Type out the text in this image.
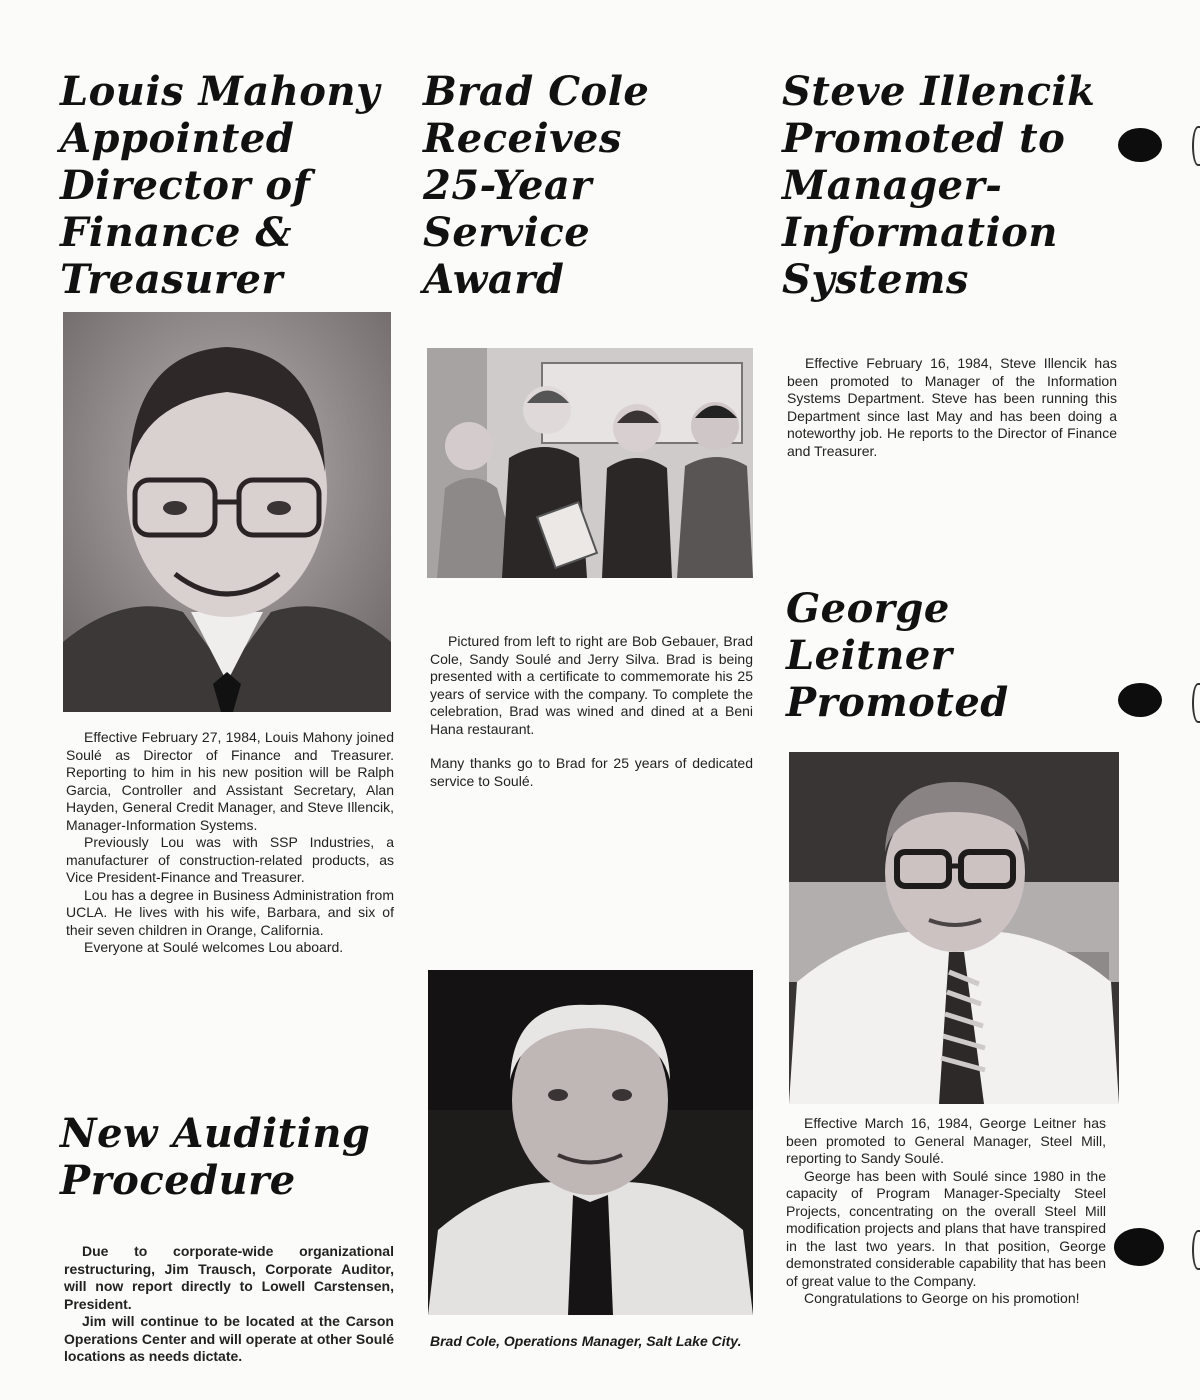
Louis Mahony
Appointed
Director of
Finance &
Treasurer

Effective February 27, 1984, Louis Mahony joined Soulé as Director of Finance and Treasurer. Reporting to him in his new position will be Ralph Garcia, Controller and Assistant Secretary, Alan Hayden, General Credit Manager, and Steve Illencik, Manager-Information Systems.

Previously Lou was with SSP Industries, a manufacturer of construction-related products, as Vice President-Finance and Treasurer.

Lou has a degree in Business Administration from UCLA. He lives with his wife, Barbara, and six of their seven children in Orange, California.

Everyone at Soulé welcomes Lou aboard.

New Auditing
Procedure

Due to corporate-wide organizational restructuring, Jim Trausch, Corporate Auditor, will now report directly to Lowell Carstensen, President.

Jim will continue to be located at the Carson Operations Center and will operate at other Soulé locations as needs dictate.

Brad Cole
Receives
25-Year
Service
Award

Pictured from left to right are Bob Gebauer, Brad Cole, Sandy Soulé and Jerry Silva. Brad is being presented with a certificate to commemorate his 25 years of service with the company. To complete the celebration, Brad was wined and dined at a Beni Hana restaurant.

Many thanks go to Brad for 25 years of dedicated service to Soulé.

Brad Cole, Operations Manager, Salt Lake City.
Steve Illencik
Promoted to
Manager-
Information
Systems

Effective February 16, 1984, Steve Illencik has been promoted to Manager of the Information Systems Department. Steve has been running this Department since last May and has been doing a noteworthy job. He reports to the Director of Finance and Treasurer.

George
Leitner
Promoted

Effective March 16, 1984, George Leitner has been promoted to General Manager, Steel Mill, reporting to Sandy Soulé.

George has been with Soulé since 1980 in the capacity of Program Manager-Specialty Steel Projects, concentrating on the overall Steel Mill modification projects and plans that have transpired in the last two years. In that position, George demonstrated considerable capability that has been of great value to the Company.

Congratulations to George on his promotion!
